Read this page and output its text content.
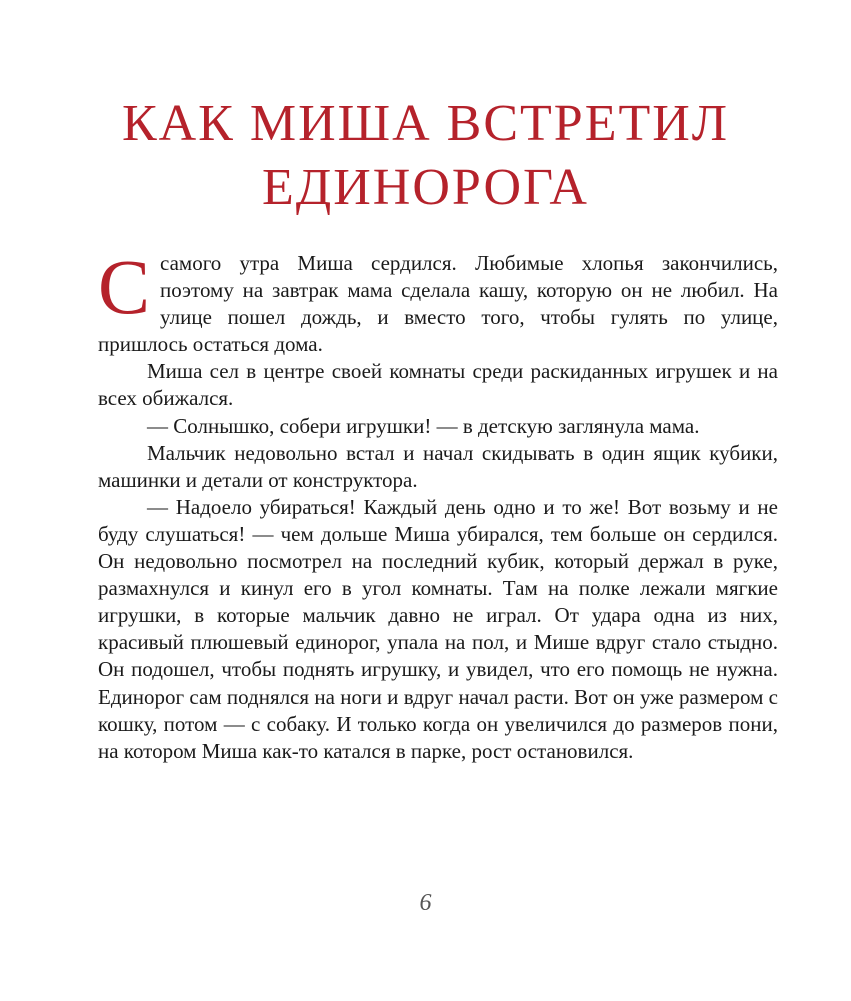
КАК МИША ВСТРЕТИЛ
ЕДИНОРОГА

С самого утра Миша сердился. Любимые хлопья закончились, поэтому на завтрак мама сделала кашу, которую он не любил. На улице пошел дождь, и вместо того, чтобы гулять по улице, пришлось остаться дома.

Миша сел в центре своей комнаты среди раскиданных игрушек и на всех обижался.

— Солнышко, собери игрушки! — в детскую заглянула мама.

Мальчик недовольно встал и начал скидывать в один ящик кубики, машинки и детали от конструктора.

— Надоело убираться! Каждый день одно и то же! Вот возьму и не буду слушаться! — чем дольше Миша убирался, тем больше он сердился. Он недовольно посмотрел на последний кубик, который держал в руке, размахнулся и кинул его в угол комнаты. Там на полке лежали мягкие игрушки, в которые мальчик давно не играл. От удара одна из них, красивый плюшевый единорог, упала на пол, и Мише вдруг стало стыдно. Он подошел, чтобы поднять игрушку, и увидел, что его помощь не нужна. Единорог сам поднялся на ноги и вдруг начал расти. Вот он уже размером с кошку, потом — с собаку. И только когда он увеличился до размеров пони, на котором Миша как-то катался в парке, рост остановился.

6
